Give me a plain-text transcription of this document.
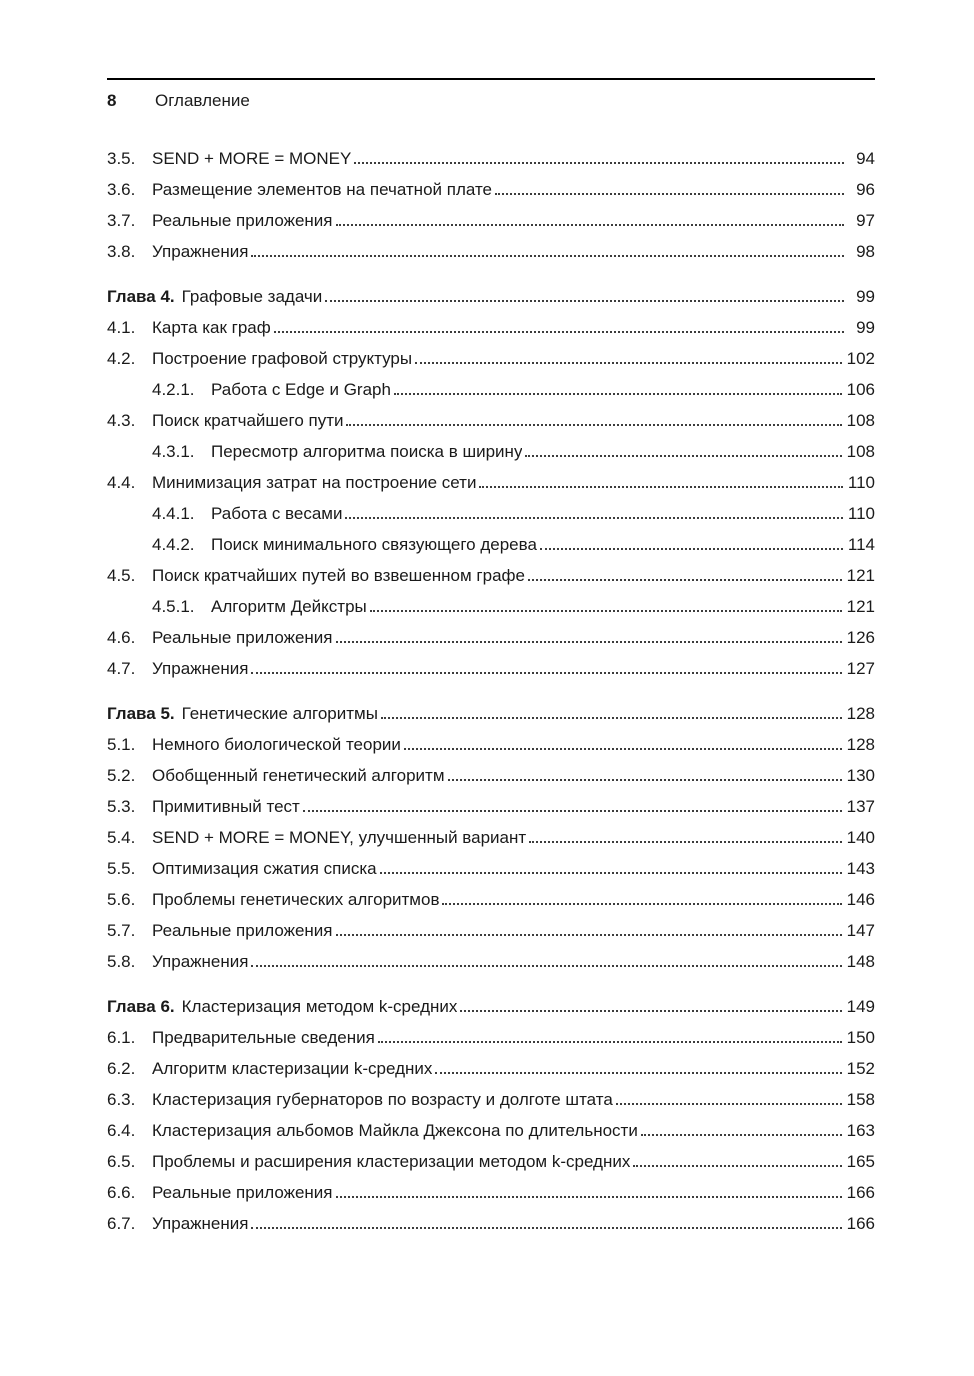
8 Оглавление
3.5. SEND + MORE = MONEY	94
3.6. Размещение элементов на печатной плате	96
3.7. Реальные приложения	97
3.8. Упражнения	98
Глава 4. Графовые задачи	99
4.1. Карта как граф	99
4.2. Построение графовой структуры	102
4.2.1. Работа с Edge и Graph	106
4.3. Поиск кратчайшего пути	108
4.3.1. Пересмотр алгоритма поиска в ширину	108
4.4. Минимизация затрат на построение сети	110
4.4.1. Работа с весами	110
4.4.2. Поиск минимального связующего дерева	114
4.5. Поиск кратчайших путей во взвешенном графе	121
4.5.1. Алгоритм Дейкстры	121
4.6. Реальные приложения	126
4.7. Упражнения	127
Глава 5. Генетические алгоритмы	128
5.1. Немного биологической теории	128
5.2. Обобщенный генетический алгоритм	130
5.3. Примитивный тест	137
5.4. SEND + MORE = MONEY, улучшенный вариант	140
5.5. Оптимизация сжатия списка	143
5.6. Проблемы генетических алгоритмов	146
5.7. Реальные приложения	147
5.8. Упражнения	148
Глава 6. Кластеризация методом k-средних	149
6.1. Предварительные сведения	150
6.2. Алгоритм кластеризации k-средних	152
6.3. Кластеризация губернаторов по возрасту и долготе штата	158
6.4. Кластеризация альбомов Майкла Джексона по длительности	163
6.5. Проблемы и расширения кластеризации методом k-средних	165
6.6. Реальные приложения	166
6.7. Упражнения	166
